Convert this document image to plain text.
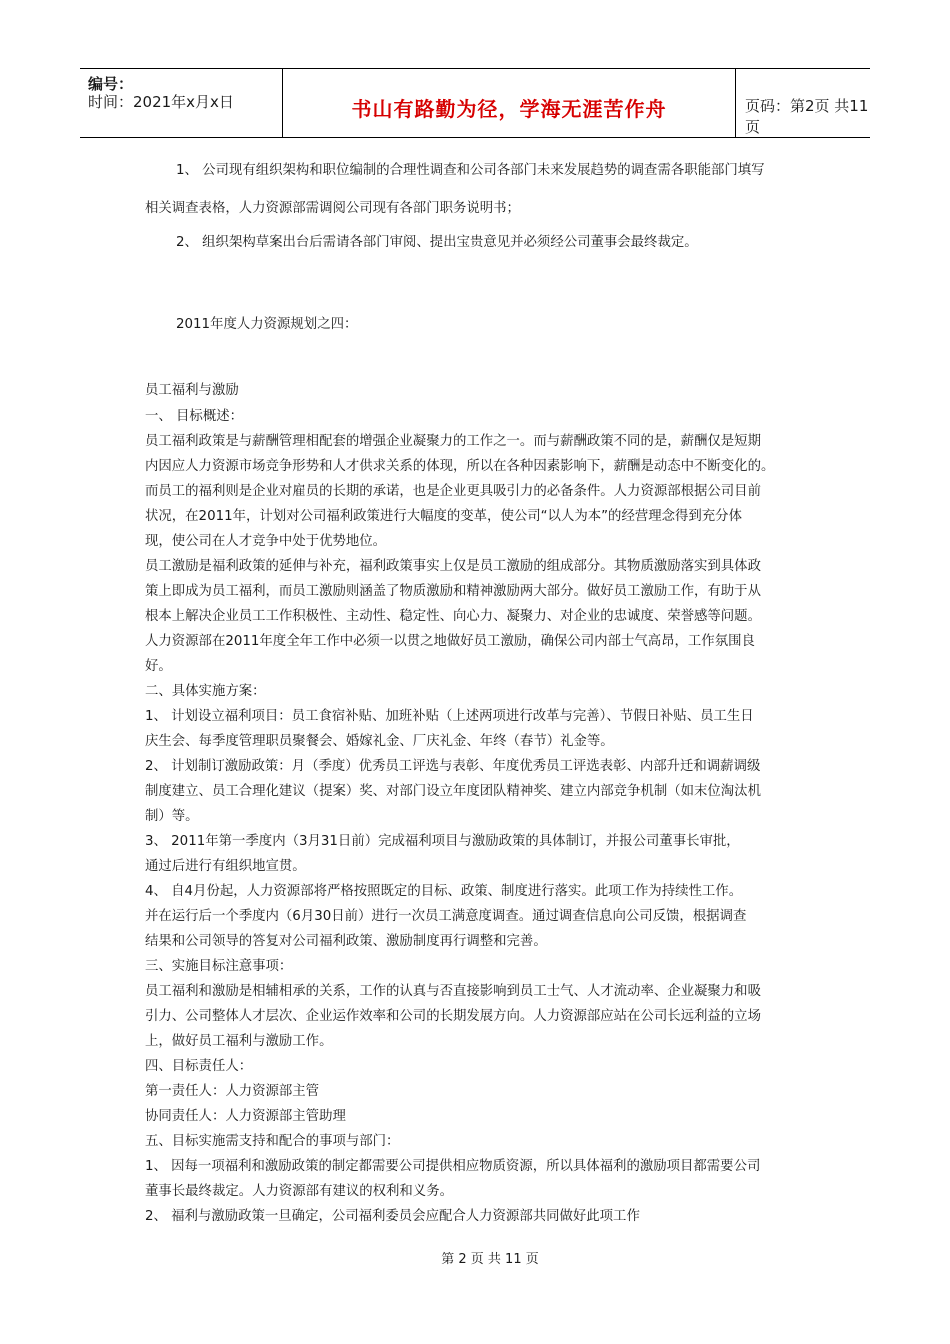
编号：
时间：2021年x月x日	书山有路勤为径，学海无涯苦作舟	页码：第2页 共11页
1、 公司现有组织架构和职位编制的合理性调查和公司各部门未来发展趋势的调查需各职能部门填写
相关调查表格，人力资源部需调阅公司现有各部门职务说明书；
2、 组织架构草案出台后需请各部门审阅、提出宝贵意见并必须经公司董事会最终裁定。
2011年度人力资源规划之四：
员工福利与激励
一、 目标概述：
员工福利政策是与薪酬管理相配套的增强企业凝聚力的工作之一。而与薪酬政策不同的是，薪酬仅是短期
内因应人力资源市场竞争形势和人才供求关系的体现，所以在各种因素影响下，薪酬是动态中不断变化的。
而员工的福利则是企业对雇员的长期的承诺，也是企业更具吸引力的必备条件。人力资源部根据公司目前
状况，在2011年，计划对公司福利政策进行大幅度的变革，使公司“以人为本”的经营理念得到充分体
现，使公司在人才竞争中处于优势地位。
员工激励是福利政策的延伸与补充，福利政策事实上仅是员工激励的组成部分。其物质激励落实到具体政
策上即成为员工福利，而员工激励则涵盖了物质激励和精神激励两大部分。做好员工激励工作，有助于从
根本上解决企业员工工作积极性、主动性、稳定性、向心力、凝聚力、对企业的忠诚度、荣誉感等问题。
人力资源部在2011年度全年工作中必须一以贯之地做好员工激励，确保公司内部士气高昂，工作氛围良
好。
二、具体实施方案：
1、 计划设立福利项目：员工食宿补贴、加班补贴（上述两项进行改革与完善）、节假日补贴、员工生日
庆生会、每季度管理职员聚餐会、婚嫁礼金、厂庆礼金、年终（春节）礼金等。
2、 计划制订激励政策：月（季度）优秀员工评选与表彰、年度优秀员工评选表彰、内部升迁和调薪调级
制度建立、员工合理化建议（提案）奖、对部门设立年度团队精神奖、建立内部竞争机制（如末位淘汰机
制）等。
3、 2011年第一季度内（3月31日前）完成福利项目与激励政策的具体制订，并报公司董事长审批，
通过后进行有组织地宣贯。
4、 自4月份起，人力资源部将严格按照既定的目标、政策、制度进行落实。此项工作为持续性工作。
并在运行后一个季度内（6月30日前）进行一次员工满意度调查。通过调查信息向公司反馈，根据调查
结果和公司领导的答复对公司福利政策、激励制度再行调整和完善。
三、实施目标注意事项：
员工福利和激励是相辅相承的关系，工作的认真与否直接影响到员工士气、人才流动率、企业凝聚力和吸
引力、公司整体人才层次、企业运作效率和公司的长期发展方向。人力资源部应站在公司长远利益的立场
上，做好员工福利与激励工作。
四、目标责任人：
第一责任人：人力资源部主管
协同责任人：人力资源部主管助理
五、目标实施需支持和配合的事项与部门：
1、 因每一项福利和激励政策的制定都需要公司提供相应物质资源，所以具体福利的激励项目都需要公司
董事长最终裁定。人力资源部有建议的权利和义务。
2、 福利与激励政策一旦确定，公司福利委员会应配合人力资源部共同做好此项工作
第 2 页 共 11 页
